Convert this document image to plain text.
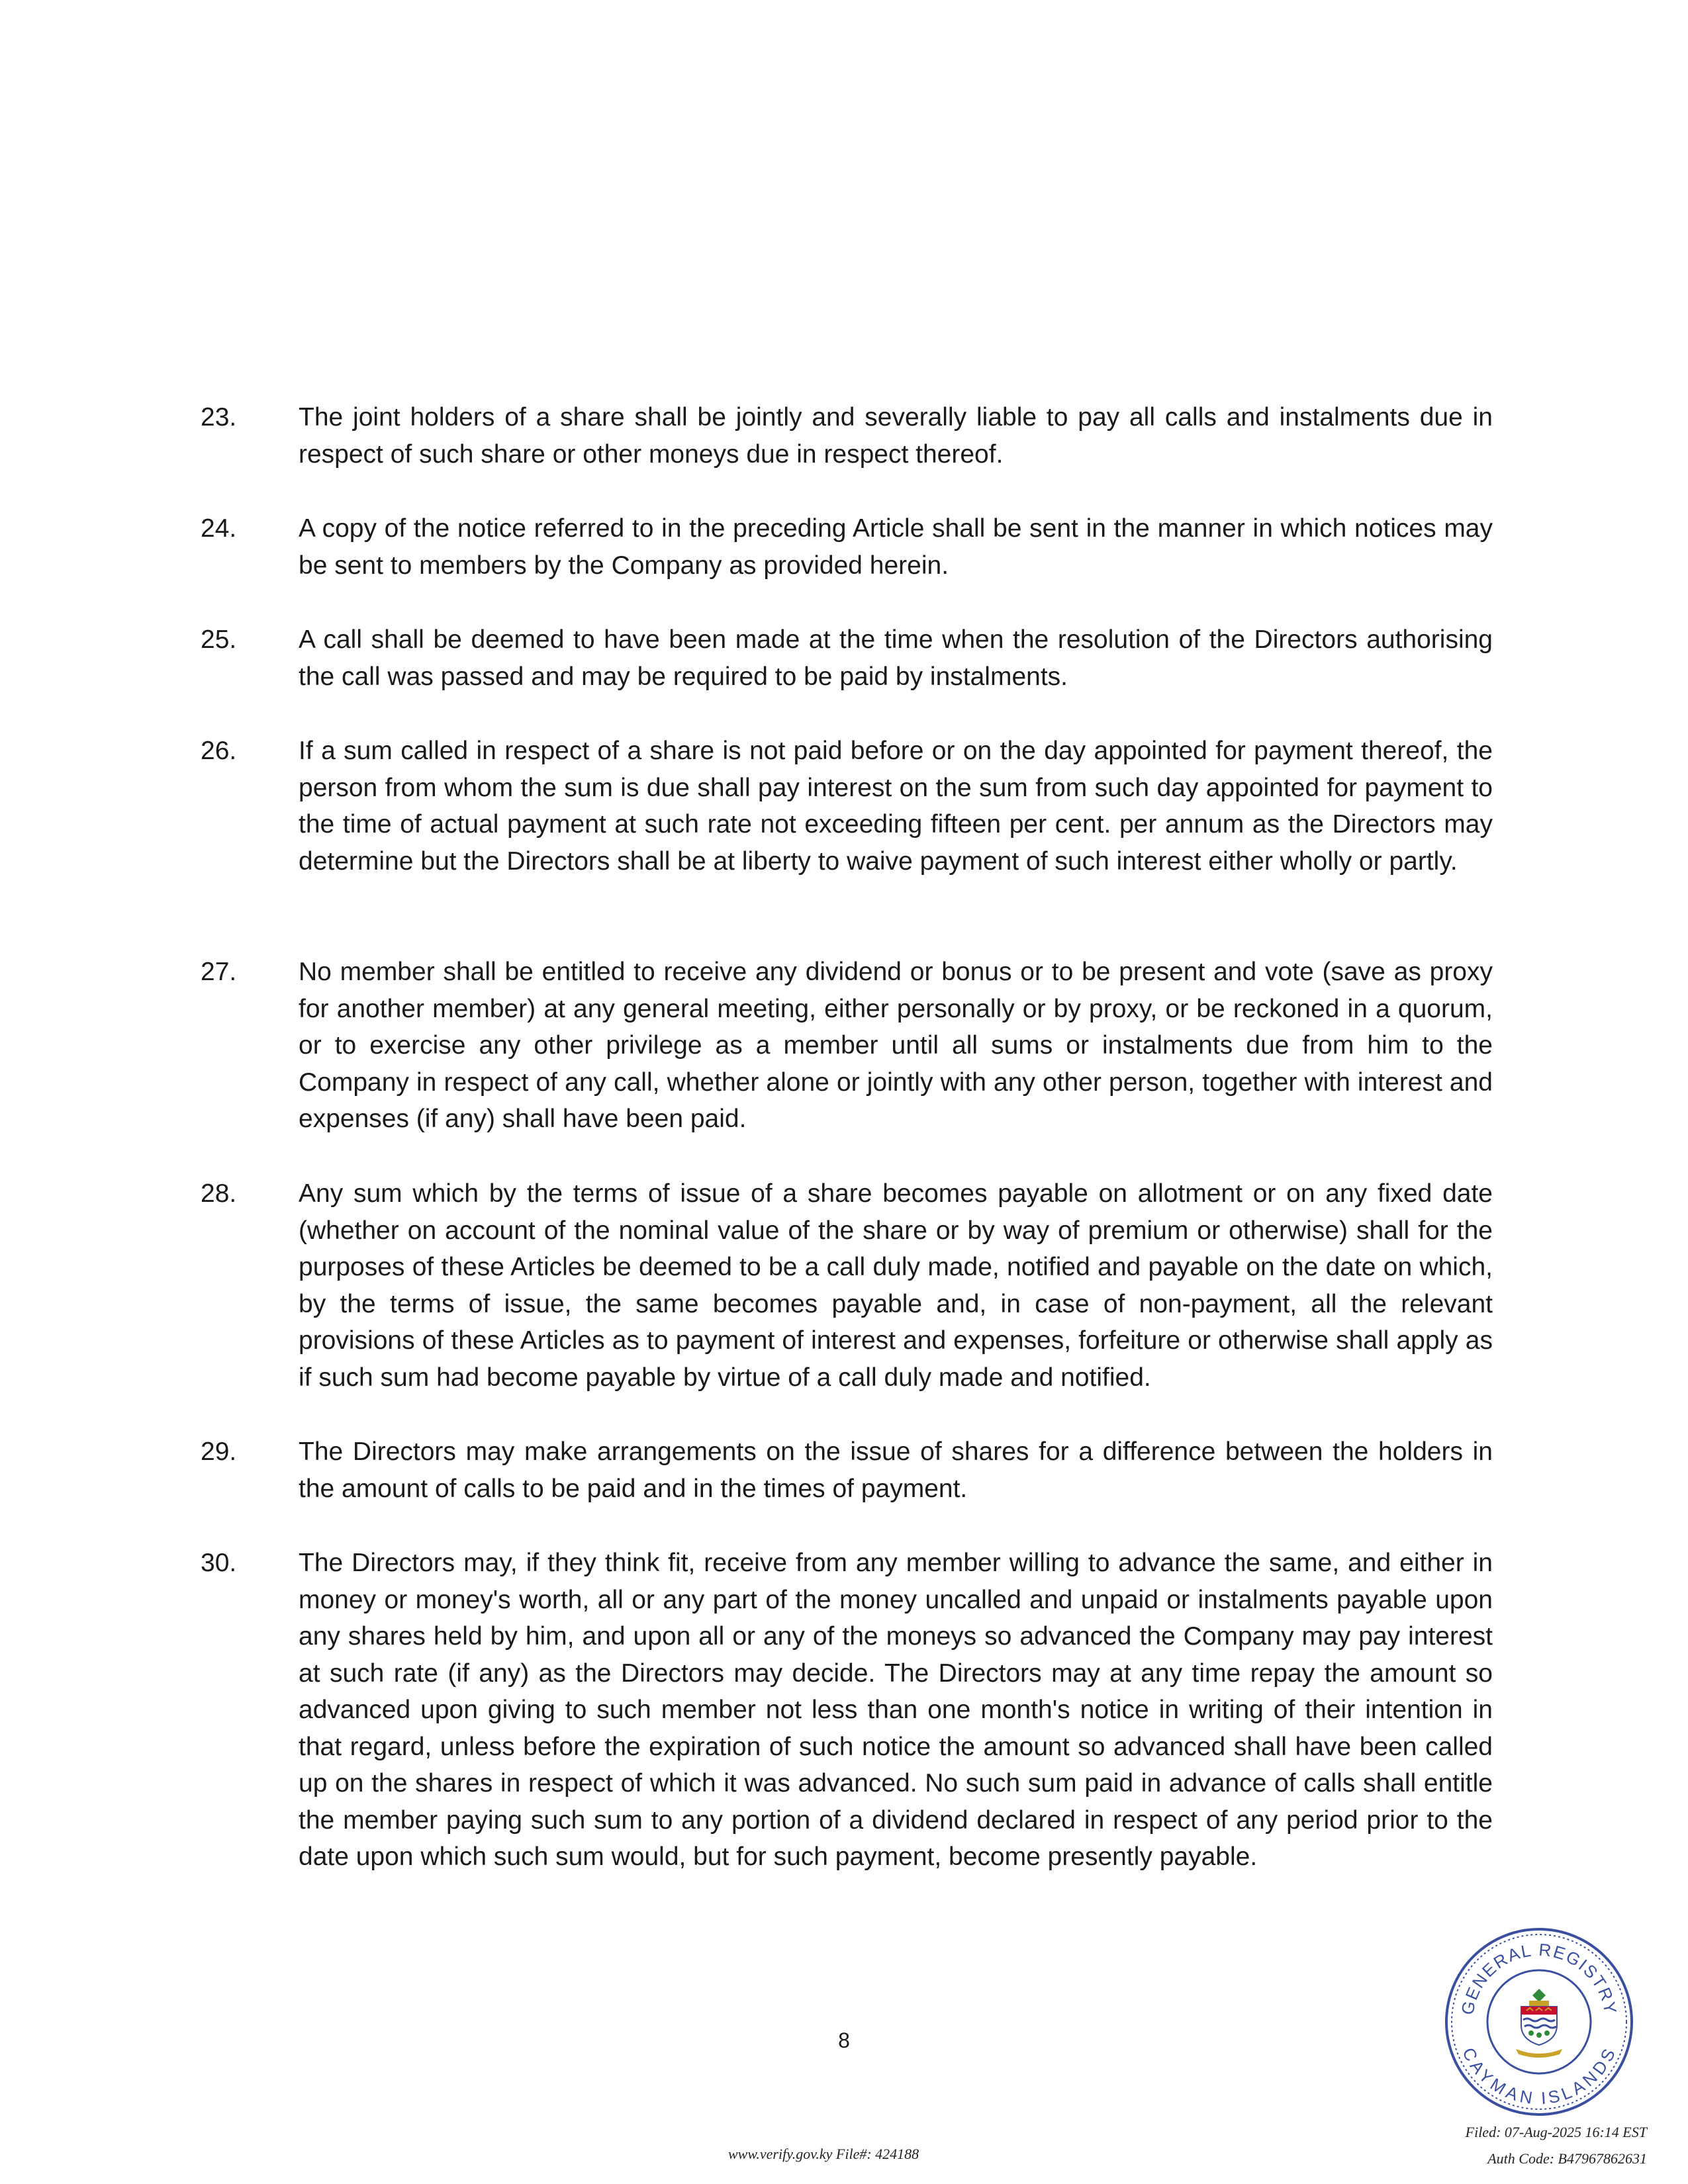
23.	The joint holders of a share shall be jointly and severally liable to pay all calls and instalments due in respect of such share or other moneys due in respect thereof.
24.	A copy of the notice referred to in the preceding Article shall be sent in the manner in which notices may be sent to members by the Company as provided herein.
25.	A call shall be deemed to have been made at the time when the resolution of the Directors authorising the call was passed and may be required to be paid by instalments.
26.	If a sum called in respect of a share is not paid before or on the day appointed for payment thereof, the person from whom the sum is due shall pay interest on the sum from such day appointed for payment to the time of actual payment at such rate not exceeding fifteen per cent. per annum as the Directors may determine but the Directors shall be at liberty to waive payment of such interest either wholly or partly.
27.	No member shall be entitled to receive any dividend or bonus or to be present and vote (save as proxy for another member) at any general meeting, either personally or by proxy, or be reckoned in a quorum, or to exercise any other privilege as a member until all sums or instalments due from him to the Company in respect of any call, whether alone or jointly with any other person, together with interest and expenses (if any) shall have been paid.
28.	Any sum which by the terms of issue of a share becomes payable on allotment or on any fixed date (whether on account of the nominal value of the share or by way of premium or otherwise) shall for the purposes of these Articles be deemed to be a call duly made, notified and payable on the date on which, by the terms of issue, the same becomes payable and, in case of non-payment, all the relevant provisions of these Articles as to payment of interest and expenses, forfeiture or otherwise shall apply as if such sum had become payable by virtue of a call duly made and notified.
29.	The Directors may make arrangements on the issue of shares for a difference between the holders in the amount of calls to be paid and in the times of payment.
30.	The Directors may, if they think fit, receive from any member willing to advance the same, and either in money or money's worth, all or any part of the money uncalled and unpaid or instalments payable upon any shares held by him, and upon all or any of the moneys so advanced the Company may pay interest at such rate (if any) as the Directors may decide. The Directors may at any time repay the amount so advanced upon giving to such member not less than one month's notice in writing of their intention in that regard, unless before the expiration of such notice the amount so advanced shall have been called up on the shares in respect of which it was advanced. No such sum paid in advance of calls shall entitle the member paying such sum to any portion of a dividend declared in respect of any period prior to the date upon which such sum would, but for such payment, become presently payable.
8
GENERAL REGISTRY
CAYMAN ISLANDS
Filed: 07-Aug-2025 16:14 EST
Auth Code: B47967862631
www.verify.gov.ky File#: 424188
